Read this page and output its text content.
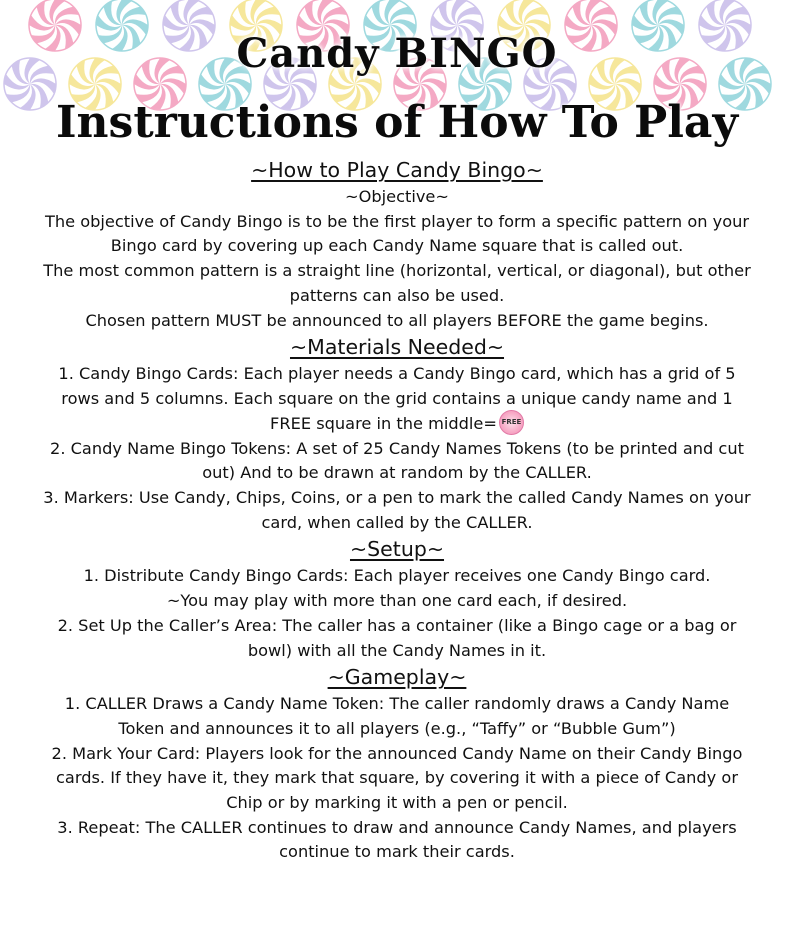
Candy BINGO
Instructions of How To Play

~How to Play Candy Bingo~

~Objective~

The objective of Candy Bingo is to be the first player to form a specific pattern on your Bingo card by covering up each Candy Name square that is called out.

The most common pattern is a straight line (horizontal, vertical, or diagonal), but other patterns can also be used.

Chosen pattern MUST be announced to all players BEFORE the game begins.

~Materials Needed~

1. Candy Bingo Cards: Each player needs a Candy Bingo card, which has a grid of 5 rows and 5 columns. Each square on the grid contains a unique candy name and 1 FREE square in the middle= FREE

2. Candy Name Bingo Tokens: A set of 25 Candy Names Tokens (to be printed and cut out) And to be drawn at random by the CALLER.

3. Markers: Use Candy, Chips, Coins, or a pen to mark the called Candy Names on your card, when called by the CALLER.

~Setup~

1. Distribute Candy Bingo Cards: Each player receives one Candy Bingo card.

~You may play with more than one card each, if desired.

2. Set Up the Caller’s Area: The caller has a container (like a Bingo cage or a bag or bowl) with all the Candy Names in it.

~Gameplay~

1. CALLER Draws a Candy Name Token: The caller randomly draws a Candy Name Token and announces it to all players (e.g., “Taffy” or “Bubble Gum”)

2. Mark Your Card: Players look for the announced Candy Name on their Candy Bingo cards. If they have it, they mark that square, by covering it with a piece of Candy or Chip or by marking it with a pen or pencil.

3. Repeat: The CALLER continues to draw and announce Candy Names, and players continue to mark their cards.
